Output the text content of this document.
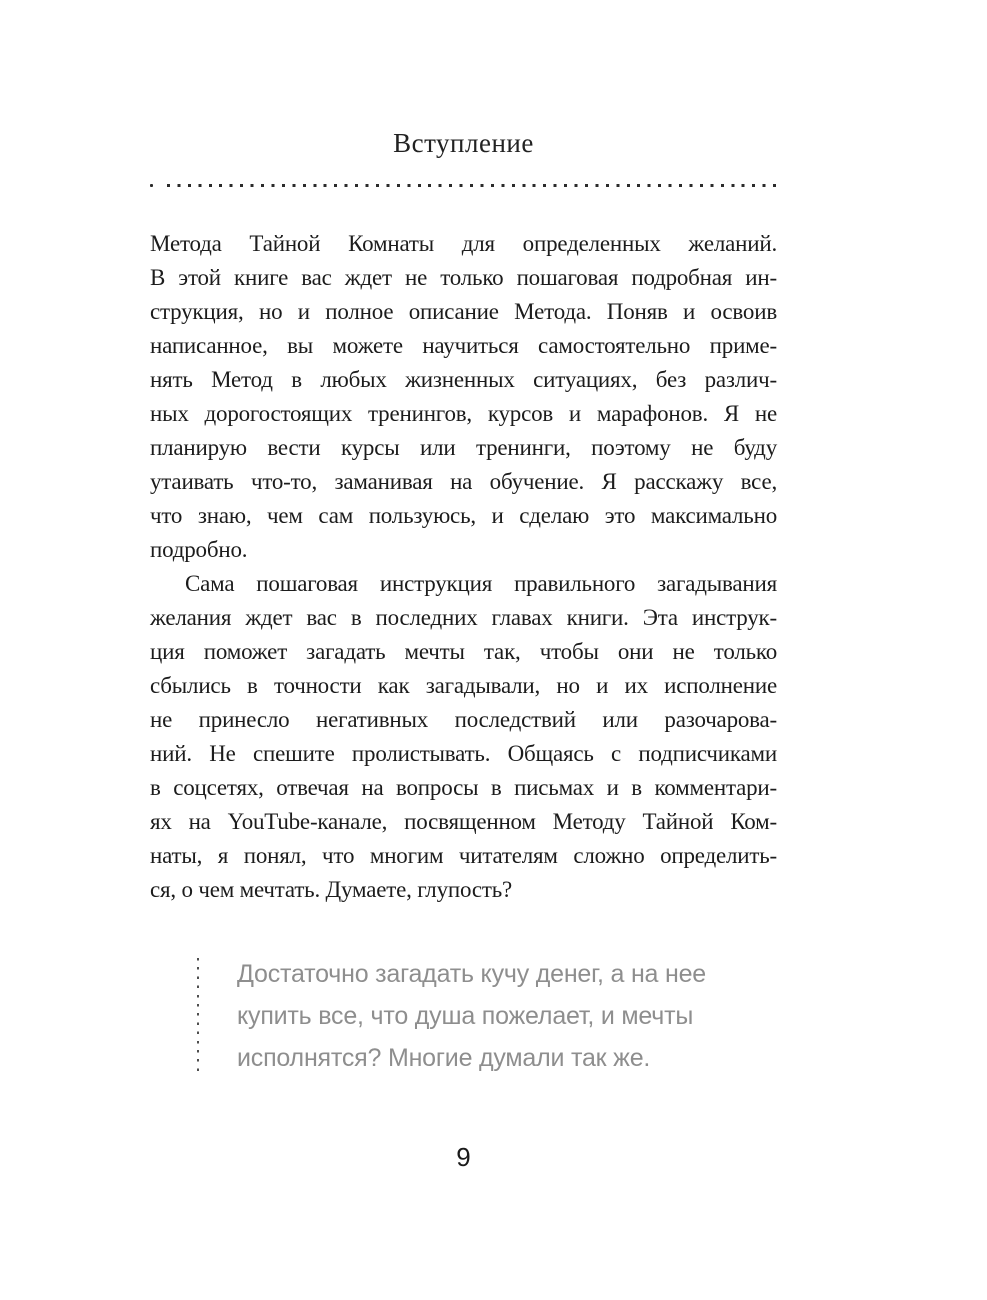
Вступление
Метода Тайной Комнаты для определенных желаний.
В этой книге вас ждет не только пошаговая подробная ин-
струкция, но и полное описание Метода. Поняв и освоив
написанное, вы можете научиться самостоятельно приме-
нять Метод в любых жизненных ситуациях, без различ-
ных дорогостоящих тренингов, курсов и марафонов. Я не
планирую вести курсы или тренинги, поэтому не буду
утаивать что-то, заманивая на обучение. Я расскажу все,
что знаю, чем сам пользуюсь, и сделаю это максимально
подробно.
Сама пошаговая инструкция правильного загадывания
желания ждет вас в последних главах книги. Эта инструк-
ция поможет загадать мечты так, чтобы они не только
сбылись в точности как загадывали, но и их исполнение
не принесло негативных последствий или разочарова-
ний. Не спешите пролистывать. Общаясь с подписчиками
в соцсетях, отвечая на вопросы в письмах и в комментари-
ях на YouTube-канале, посвященном Методу Тайной Ком-
наты, я понял, что многим читателям сложно определить-
ся, о чем мечтать. Думаете, глупость?
Достаточно загадать кучу денег, а на нее
купить все, что душа пожелает, и мечты
исполнятся? Многие думали так же.
9
